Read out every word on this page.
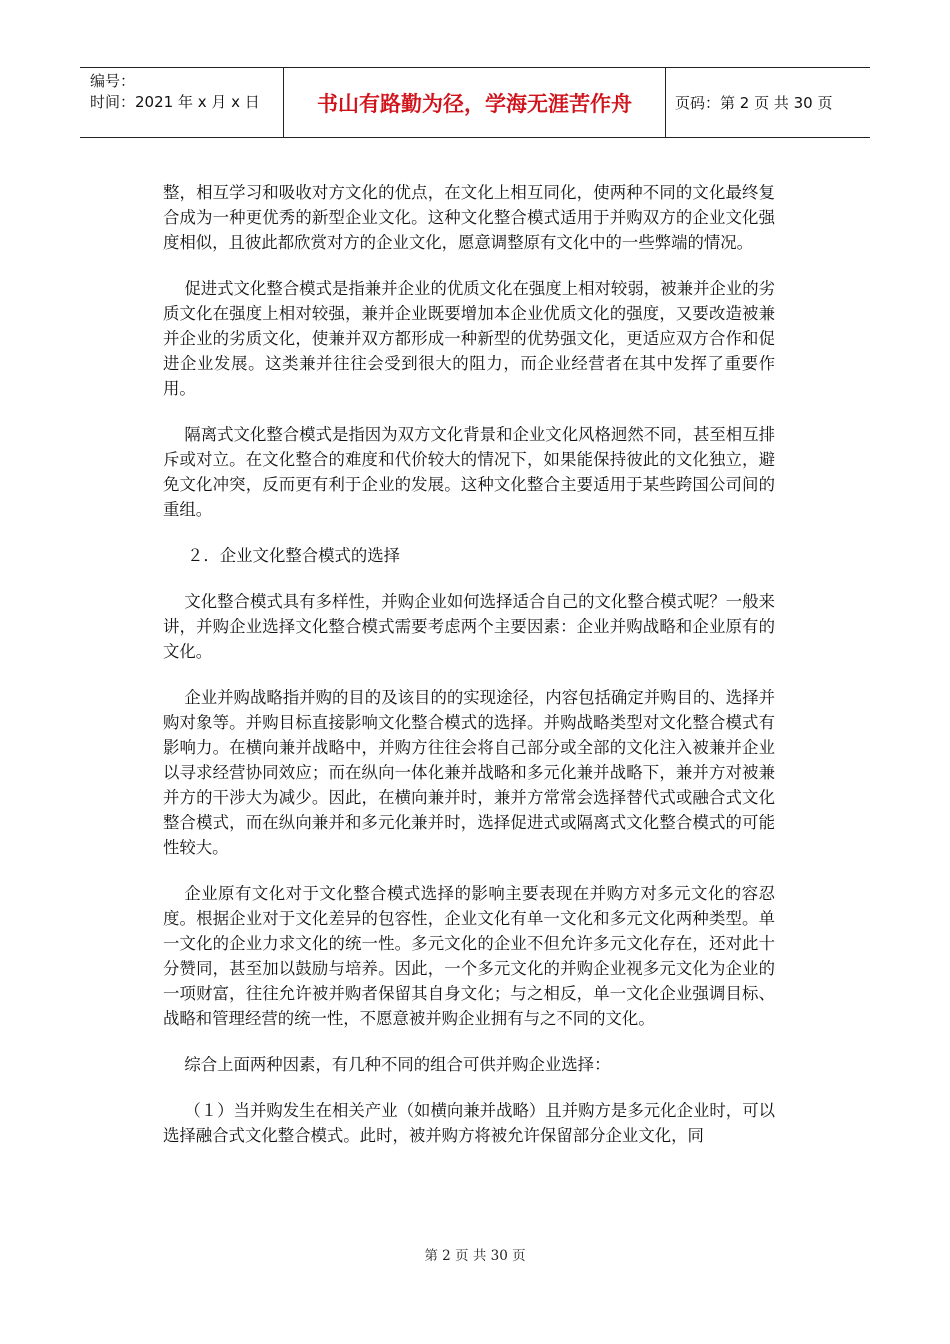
编号：
时间：2021 年 x 月 x 日	书山有路勤为径，学海无涯苦作舟	页码：第 2 页 共 30 页

整，相互学习和吸收对方文化的优点，在文化上相互同化，使两种不同的文化最终复合成为一种更优秀的新型企业文化。这种文化整合模式适用于并购双方的企业文化强度相似，且彼此都欣赏对方的企业文化，愿意调整原有文化中的一些弊端的情况。

促进式文化整合模式是指兼并企业的优质文化在强度上相对较弱，被兼并企业的劣质文化在强度上相对较强，兼并企业既要增加本企业优质文化的强度，又要改造被兼并企业的劣质文化，使兼并双方都形成一种新型的优势强文化，更适应双方合作和促进企业发展。这类兼并往往会受到很大的阻力，而企业经营者在其中发挥了重要作用。

隔离式文化整合模式是指因为双方文化背景和企业文化风格迥然不同，甚至相互排斥或对立。在文化整合的难度和代价较大的情况下，如果能保持彼此的文化独立，避免文化冲突，反而更有利于企业的发展。这种文化整合主要适用于某些跨国公司间的重组。

２．企业文化整合模式的选择

文化整合模式具有多样性，并购企业如何选择适合自己的文化整合模式呢？一般来讲，并购企业选择文化整合模式需要考虑两个主要因素：企业并购战略和企业原有的文化。

企业并购战略指并购的目的及该目的的实现途径，内容包括确定并购目的、选择并购对象等。并购目标直接影响文化整合模式的选择。并购战略类型对文化整合模式有影响力。在横向兼并战略中，并购方往往会将自己部分或全部的文化注入被兼并企业以寻求经营协同效应；而在纵向一体化兼并战略和多元化兼并战略下，兼并方对被兼并方的干涉大为减少。因此，在横向兼并时，兼并方常常会选择替代式或融合式文化整合模式，而在纵向兼并和多元化兼并时，选择促进式或隔离式文化整合模式的可能性较大。

企业原有文化对于文化整合模式选择的影响主要表现在并购方对多元文化的容忍度。根据企业对于文化差异的包容性，企业文化有单一文化和多元文化两种类型。单一文化的企业力求文化的统一性。多元文化的企业不但允许多元文化存在，还对此十分赞同，甚至加以鼓励与培养。因此，一个多元文化的并购企业视多元文化为企业的一项财富，往往允许被并购者保留其自身文化；与之相反，单一文化企业强调目标、战略和管理经营的统一性，不愿意被并购企业拥有与之不同的文化。

综合上面两种因素，有几种不同的组合可供并购企业选择：

（１）当并购发生在相关产业（如横向兼并战略）且并购方是多元化企业时，可以选择融合式文化整合模式。此时，被并购方将被允许保留部分企业文化，同

第 2 页 共 30 页
